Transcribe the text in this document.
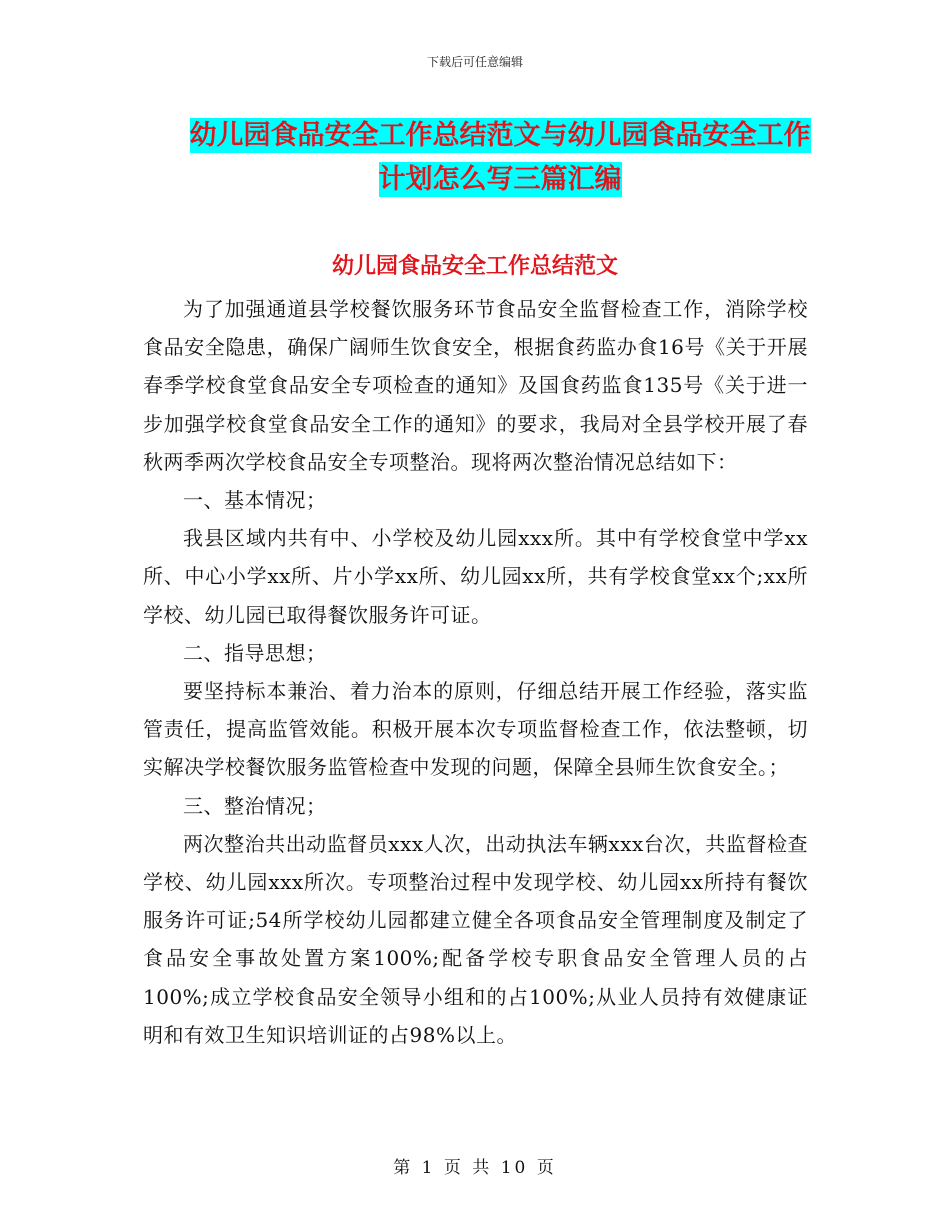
下载后可任意编辑
幼儿园食品安全工作总结范文与幼儿园食品安全工作
计划怎么写三篇汇编
幼儿园食品安全工作总结范文

为了加强通道县学校餐饮服务环节食品安全监督检查工作，消除学校食品安全隐患，确保广阔师生饮食安全，根据食药监办食16号《关于开展春季学校食堂食品安全专项检查的通知》及国食药监食135号《关于进一步加强学校食堂食品安全工作的通知》的要求，我局对全县学校开展了春秋两季两次学校食品安全专项整治。现将两次整治情况总结如下：

一、基本情况；

我县区域内共有中、小学校及幼儿园xxx所。其中有学校食堂中学xx所、中心小学xx所、片小学xx所、幼儿园xx所，共有学校食堂xx个;xx所学校、幼儿园已取得餐饮服务许可证。

二、指导思想；

要坚持标本兼治、着力治本的原则，仔细总结开展工作经验，落实监管责任，提高监管效能。积极开展本次专项监督检查工作，依法整顿，切实解决学校餐饮服务监管检查中发现的问题，保障全县师生饮食安全。；

三、整治情况；

两次整治共出动监督员xxx人次，出动执法车辆xxx台次，共监督检查学校、幼儿园xxx所次。专项整治过程中发现学校、幼儿园xx所持有餐饮服务许可证;54所学校幼儿园都建立健全各项食品安全管理制度及制定了食品安全事故处置方案100%;配备学校专职食品安全管理人员的占100%;成立学校食品安全领导小组和的占100%;从业人员持有效健康证明和有效卫生知识培训证的占98%以上。

第 1 页 共 10 页
